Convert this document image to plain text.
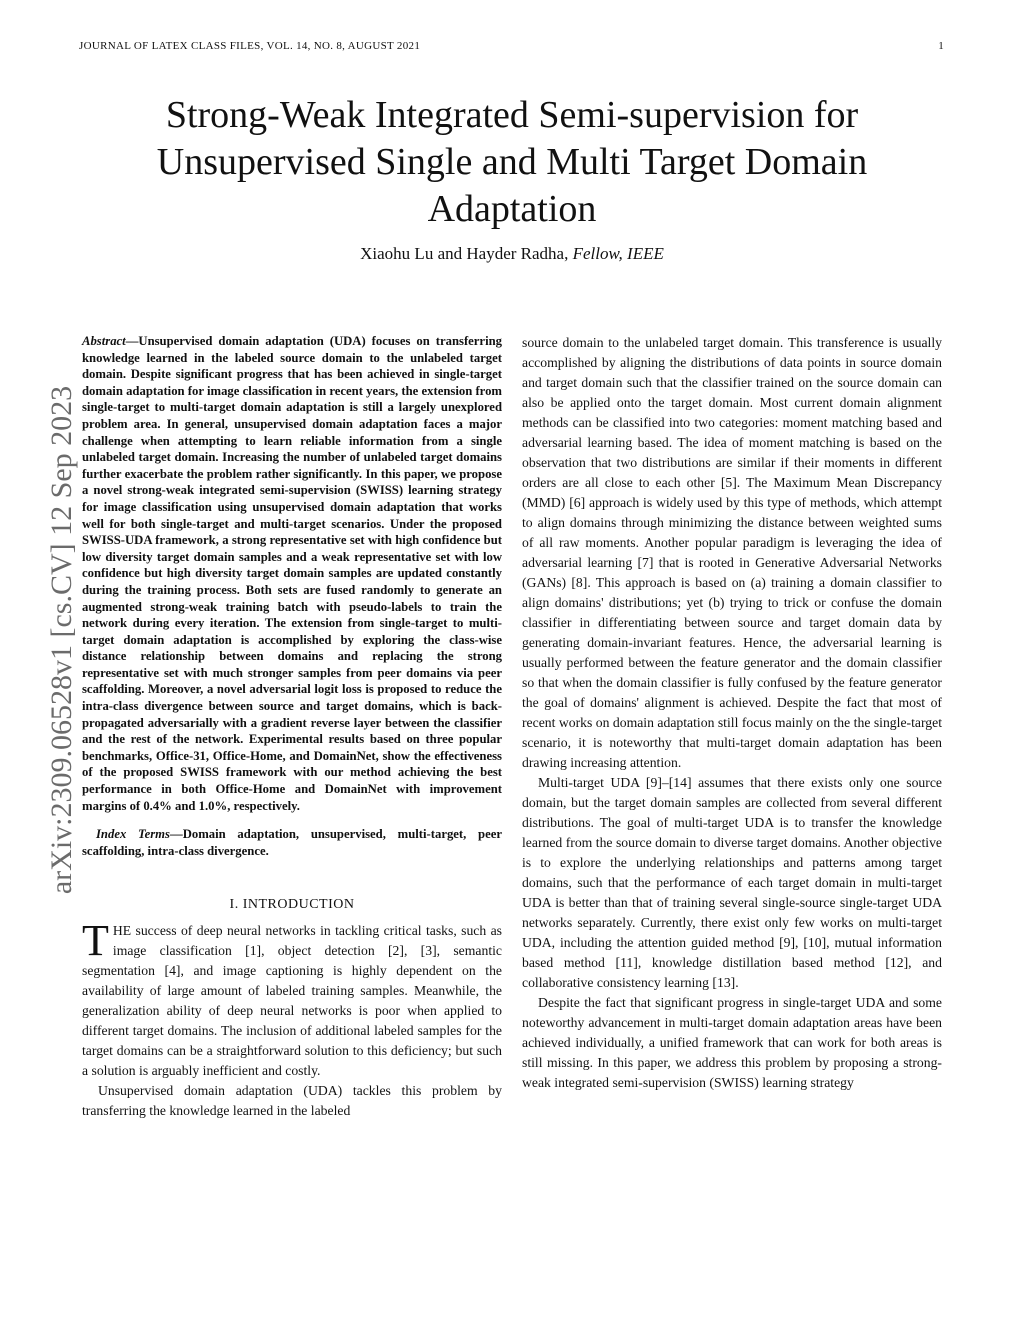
JOURNAL OF LATEX CLASS FILES, VOL. 14, NO. 8, AUGUST 2021	1
arXiv:2309.06528v1 [cs.CV] 12 Sep 2023
Strong-Weak Integrated Semi-supervision for Unsupervised Single and Multi Target Domain Adaptation
Xiaohu Lu and Hayder Radha, Fellow, IEEE
Abstract—Unsupervised domain adaptation (UDA) focuses on transferring knowledge learned in the labeled source domain to the unlabeled target domain. Despite significant progress that has been achieved in single-target domain adaptation for image classification in recent years, the extension from single-target to multi-target domain adaptation is still a largely unexplored problem area. In general, unsupervised domain adaptation faces a major challenge when attempting to learn reliable information from a single unlabeled target domain. Increasing the number of unlabeled target domains further exacerbate the problem rather significantly. In this paper, we propose a novel strong-weak integrated semi-supervision (SWISS) learning strategy for image classification using unsupervised domain adaptation that works well for both single-target and multi-target scenarios. Under the proposed SWISS-UDA framework, a strong representative set with high confidence but low diversity target domain samples and a weak representative set with low confidence but high diversity target domain samples are updated constantly during the training process. Both sets are fused randomly to generate an augmented strong-weak training batch with pseudo-labels to train the network during every iteration. The extension from single-target to multi-target domain adaptation is accomplished by exploring the class-wise distance relationship between domains and replacing the strong representative set with much stronger samples from peer domains via peer scaffolding. Moreover, a novel adversarial logit loss is proposed to reduce the intra-class divergence between source and target domains, which is back-propagated adversarially with a gradient reverse layer between the classifier and the rest of the network. Experimental results based on three popular benchmarks, Office-31, Office-Home, and DomainNet, show the effectiveness of the proposed SWISS framework with our method achieving the best performance in both Office-Home and DomainNet with improvement margins of 0.4% and 1.0%, respectively.
Index Terms—Domain adaptation, unsupervised, multi-target, peer scaffolding, intra-class divergence.
I. INTRODUCTION
THE success of deep neural networks in tackling critical tasks, such as image classification [1], object detection [2], [3], semantic segmentation [4], and image captioning is highly dependent on the availability of large amount of labeled training samples. Meanwhile, the generalization ability of deep neural networks is poor when applied to different target domains. The inclusion of additional labeled samples for the target domains can be a straightforward solution to this deficiency; but such a solution is arguably inefficient and costly.
Unsupervised domain adaptation (UDA) tackles this problem by transferring the knowledge learned in the labeled
source domain to the unlabeled target domain. This transference is usually accomplished by aligning the distributions of data points in source domain and target domain such that the classifier trained on the source domain can also be applied onto the target domain. Most current domain alignment methods can be classified into two categories: moment matching based and adversarial learning based. The idea of moment matching is based on the observation that two distributions are similar if their moments in different orders are all close to each other [5]. The Maximum Mean Discrepancy (MMD) [6] approach is widely used by this type of methods, which attempt to align domains through minimizing the distance between weighted sums of all raw moments. Another popular paradigm is leveraging the idea of adversarial learning [7] that is rooted in Generative Adversarial Networks (GANs) [8]. This approach is based on (a) training a domain classifier to align domains' distributions; yet (b) trying to trick or confuse the domain classifier in differentiating between source and target domain data by generating domain-invariant features. Hence, the adversarial learning is usually performed between the feature generator and the domain classifier so that when the domain classifier is fully confused by the feature generator the goal of domains' alignment is achieved. Despite the fact that most of recent works on domain adaptation still focus mainly on the the single-target scenario, it is noteworthy that multi-target domain adaptation has been drawing increasing attention.
Multi-target UDA [9]–[14] assumes that there exists only one source domain, but the target domain samples are collected from several different distributions. The goal of multi-target UDA is to transfer the knowledge learned from the source domain to diverse target domains. Another objective is to explore the underlying relationships and patterns among target domains, such that the performance of each target domain in multi-target UDA is better than that of training several single-source single-target UDA networks separately. Currently, there exist only few works on multi-target UDA, including the attention guided method [9], [10], mutual information based method [11], knowledge distillation based method [12], and collaborative consistency learning [13].
Despite the fact that significant progress in single-target UDA and some noteworthy advancement in multi-target domain adaptation areas have been achieved individually, a unified framework that can work for both areas is still missing. In this paper, we address this problem by proposing a strong-weak integrated semi-supervision (SWISS) learning strategy
